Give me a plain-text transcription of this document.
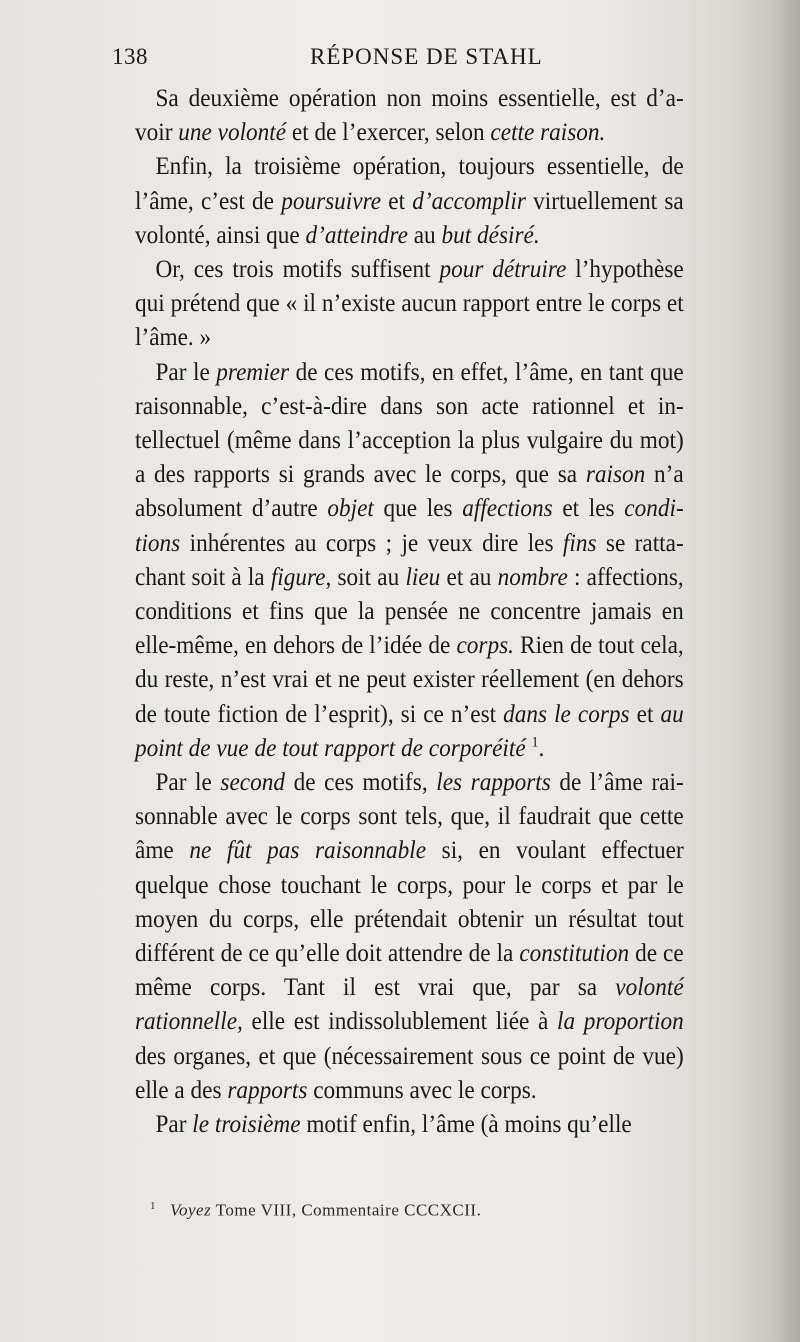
138	RÉPONSE DE STAHL

Sa deuxième opération non moins essentielle, est d’avoir une volonté et de l’exercer, selon cette raison.

Enfin, la troisième opération, toujours essentielle, de l’âme, c’est de poursuivre et d’accomplir virtuellement sa volonté, ainsi que d’atteindre au but désiré.

Or, ces trois motifs suffisent pour détruire l’hypothèse qui prétend que « il n’existe aucun rapport entre le corps et l’âme. »

Par le premier de ces motifs, en effet, l’âme, en tant que raisonnable, c’est-à-dire dans son acte rationnel et intellectuel (même dans l’acception la plus vulgaire du mot) a des rapports si grands avec le corps, que sa raison n’a absolument d’autre objet que les affections et les conditions inhérentes au corps ; je veux dire les fins se rattachant soit à la figure, soit au lieu et au nombre : affections, conditions et fins que la pensée ne concentre jamais en elle-même, en dehors de l’idée de corps. Rien de tout cela, du reste, n’est vrai et ne peut exister réellement (en dehors de toute fiction de l’esprit), si ce n’est dans le corps et au point de vue de tout rapport de corporéité $^1$.

Par le second de ces motifs, les rapports de l’âme raisonnable avec le corps sont tels, que, il faudrait que cette âme ne fût pas raisonnable si, en voulant effectuer quelque chose touchant le corps, pour le corps et par le moyen du corps, elle prétendait obtenir un résultat tout différent de ce qu’elle doit attendre de la constitution de ce même corps. Tant il est vrai que, par sa volonté rationnelle, elle est indissolublement liée à la proportion des organes, et que (nécessairement sous ce point de vue) elle a des rapports communs avec le corps.

Par le troisième motif enfin, l’âme (à moins qu’elle

$^1$ Voyez Tome VIII, Commentaire CCCXCII.
